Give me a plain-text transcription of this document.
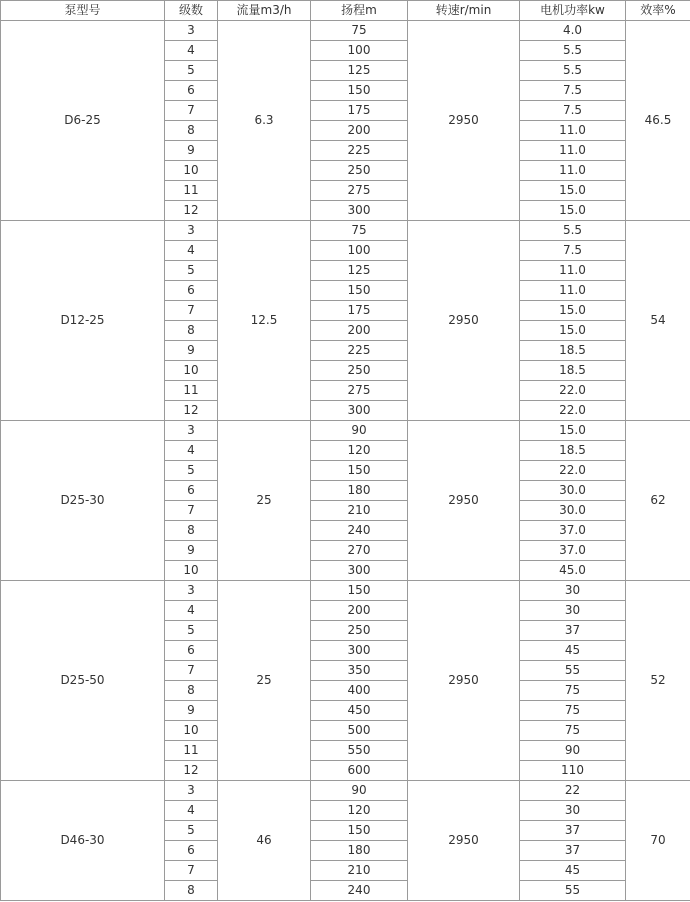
泵型号	级数	流量m3/h	扬程m	转速r/min	电机功率kw	效率%
D6-25	3	6.3	75	2950	4.0	46.5
	4		100		5.5	
	5		125		5.5	
	6		150		7.5	
	7		175		7.5	
	8		200		11.0	
	9		225		11.0	
	10		250		11.0	
	11		275		15.0	
	12		300		15.0	
D12-25	3	12.5	75	2950	5.5	54
	4		100		7.5	
	5		125		11.0	
	6		150		11.0	
	7		175		15.0	
	8		200		15.0	
	9		225		18.5	
	10		250		18.5	
	11		275		22.0	
	12		300		22.0	
D25-30	3	25	90	2950	15.0	62
	4		120		18.5	
	5		150		22.0	
	6		180		30.0	
	7		210		30.0	
	8		240		37.0	
	9		270		37.0	
	10		300		45.0	
D25-50	3	25	150	2950	30	52
	4		200		30	
	5		250		37	
	6		300		45	
	7		350		55	
	8		400		75	
	9		450		75	
	10		500		75	
	11		550		90	
	12		600		110	
D46-30	3	46	90	2950	22	70
	4		120		30	
	5		150		37	
	6		180		37	
	7		210		45	
	8		240		55	
